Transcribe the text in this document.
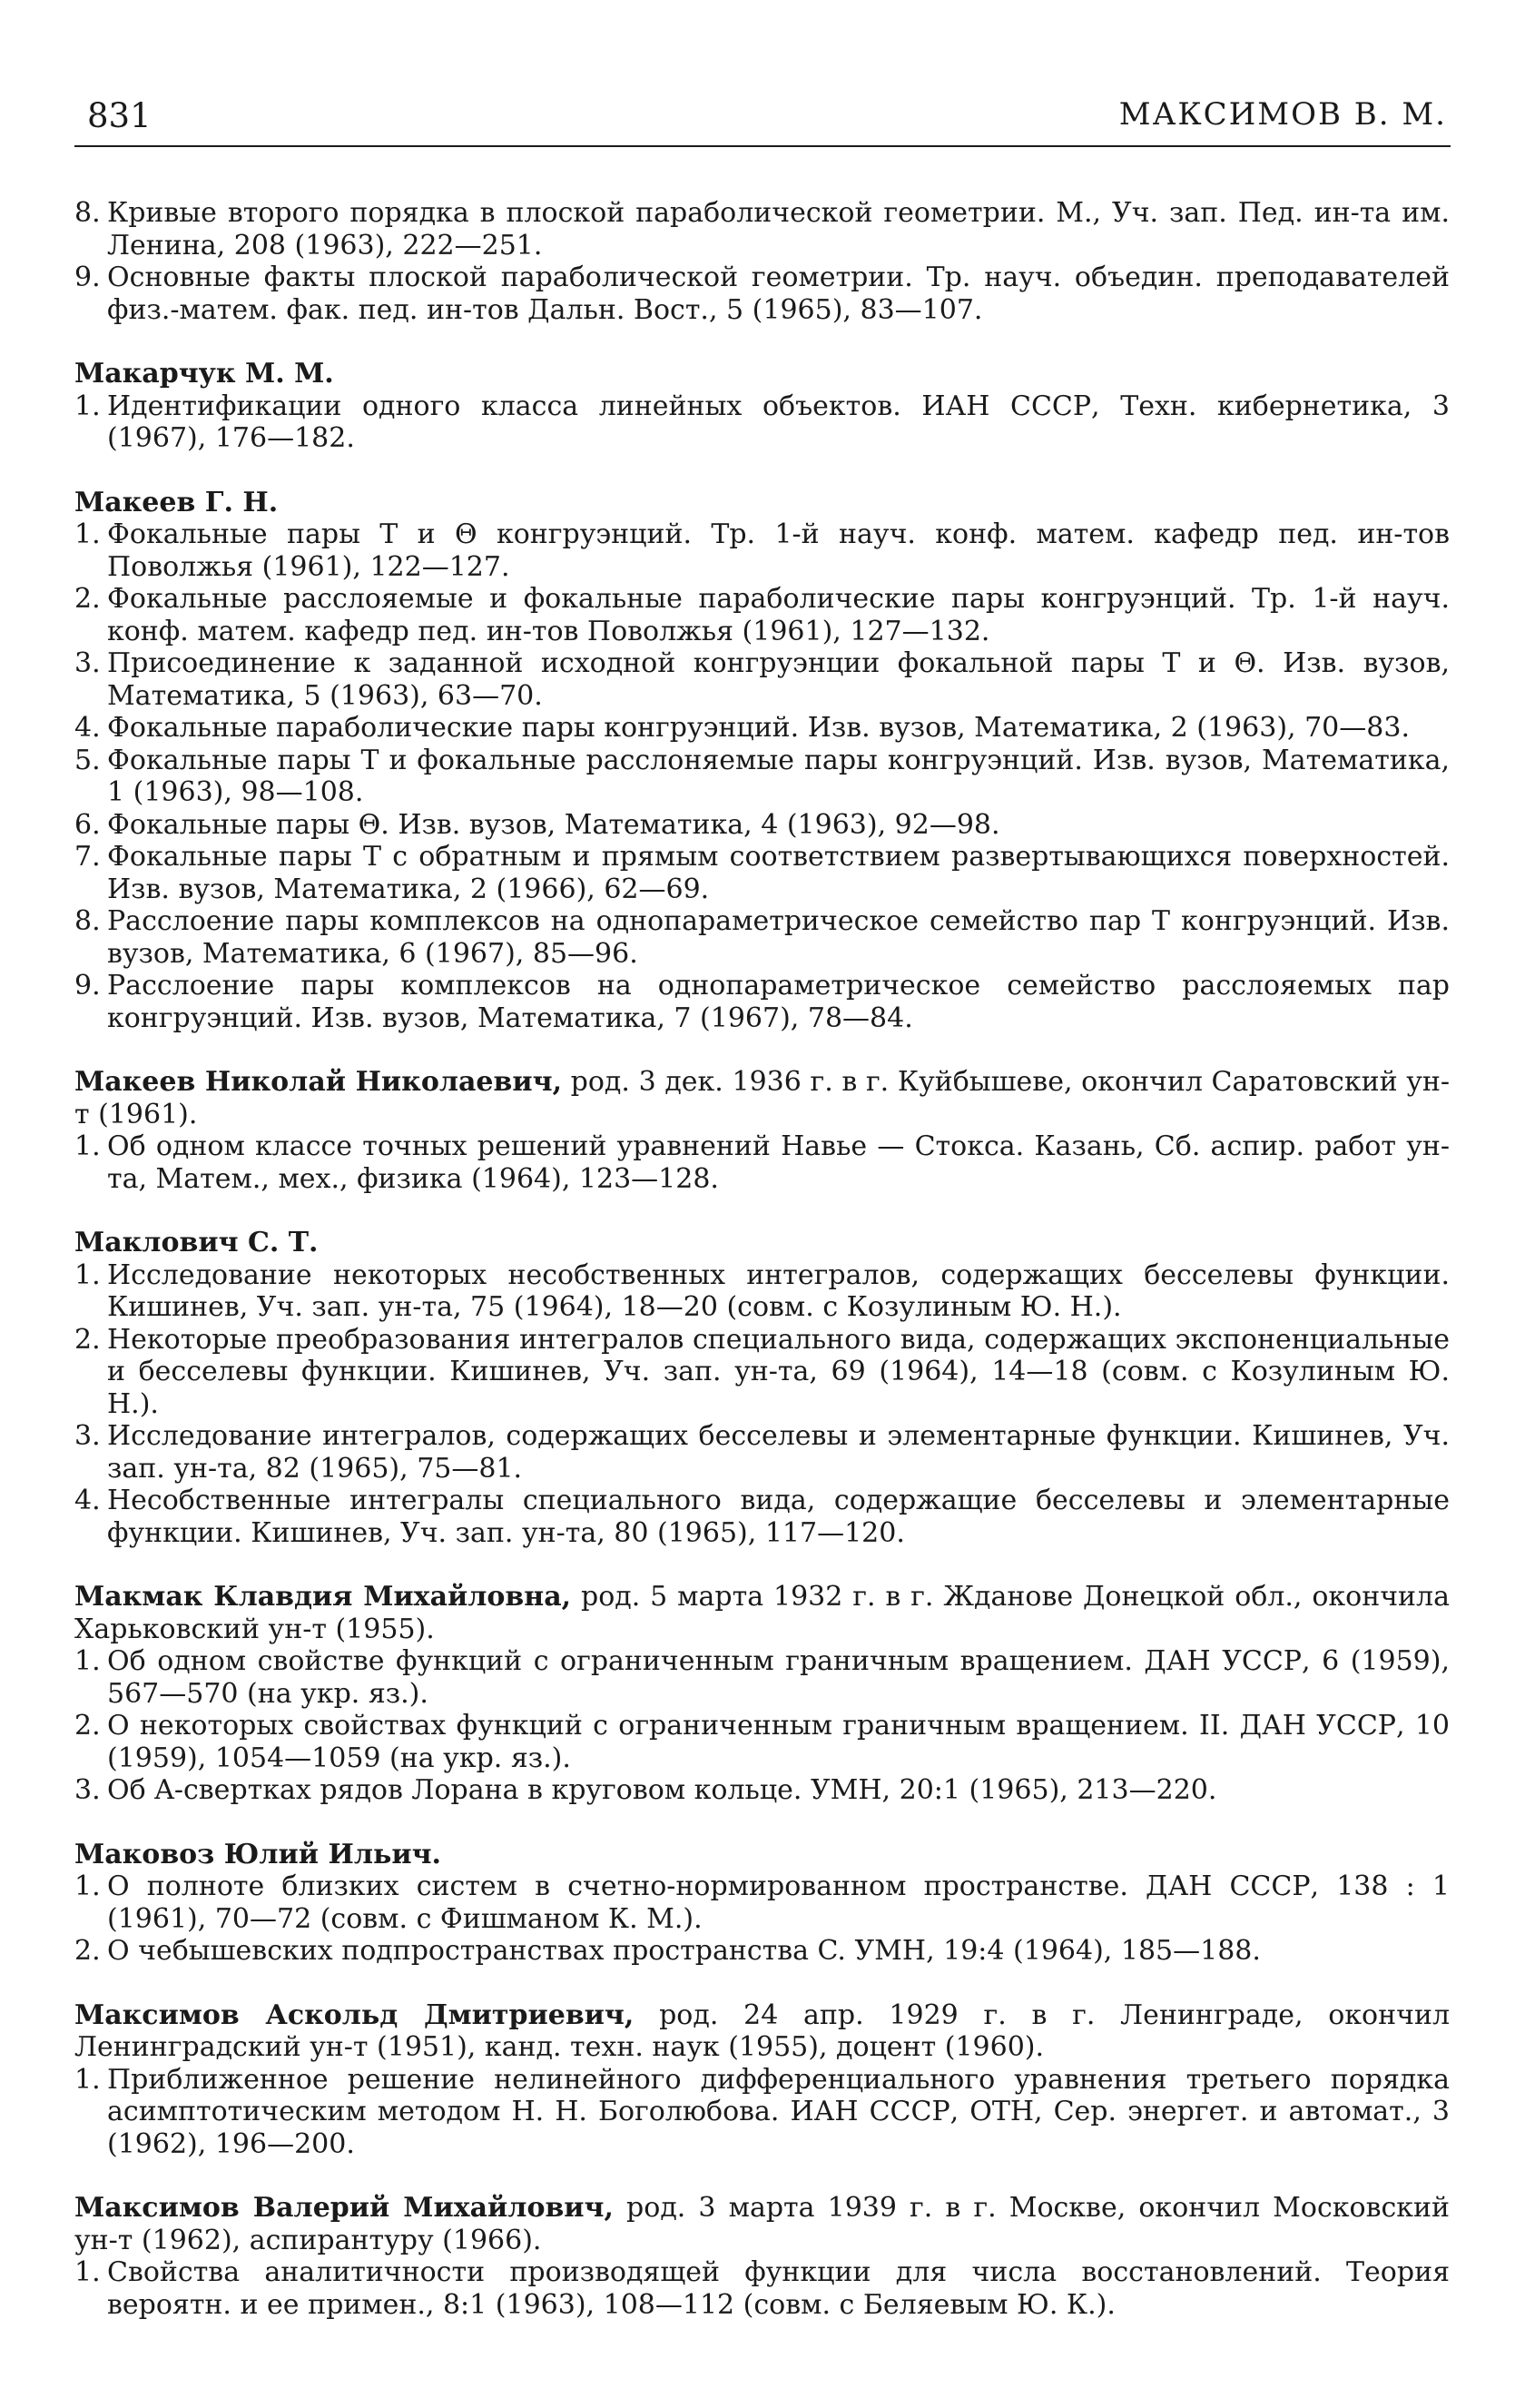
831	МАКСИМОВ В. М.
8. Кривые второго порядка в плоской параболической геометрии. М., Уч. зап. Пед. ин-та им. Ленина, 208 (1963), 222—251.
9. Основные факты плоской параболической геометрии. Тр. науч. объедин. преподавателей физ.-матем. фак. пед. ин-тов Дальн. Вост., 5 (1965), 83—107.
Макарчук М. М.
1. Идентификации одного класса линейных объектов. ИАН СССР, Техн. кибернетика, 3 (1967), 176—182.
Макеев Г. Н.
1. Фокальные пары T и Θ конгруэнций. Тр. 1-й науч. конф. матем. кафедр пед. ин-тов Поволжья (1961), 122—127.
2. Фокальные расслояемые и фокальные параболические пары конгруэнций. Тр. 1-й науч. конф. матем. кафедр пед. ин-тов Поволжья (1961), 127—132.
3. Присоединение к заданной исходной конгруэнции фокальной пары T и Θ. Изв. вузов, Математика, 5 (1963), 63—70.
4. Фокальные параболические пары конгруэнций. Изв. вузов, Математика, 2 (1963), 70—83.
5. Фокальные пары T и фокальные расслоняемые пары конгруэнций. Изв. вузов, Математика, 1 (1963), 98—108.
6. Фокальные пары Θ. Изв. вузов, Математика, 4 (1963), 92—98.
7. Фокальные пары T с обратным и прямым соответствием развертывающихся поверхностей. Изв. вузов, Математика, 2 (1966), 62—69.
8. Расслоение пары комплексов на однопараметрическое семейство пар T конгруэнций. Изв. вузов, Математика, 6 (1967), 85—96.
9. Расслоение пары комплексов на однопараметрическое семейство расслояемых пар конгруэнций. Изв. вузов, Математика, 7 (1967), 78—84.
Макеев Николай Николаевич, род. 3 дек. 1936 г. в г. Куйбышеве, окончил Саратовский ун-т (1961).
1. Об одном классе точных решений уравнений Навье — Стокса. Казань, Сб. аспир. работ ун-та, Матем., мех., физика (1964), 123—128.
Маклович С. Т.
1. Исследование некоторых несобственных интегралов, содержащих бесселевы функции. Кишинев, Уч. зап. ун-та, 75 (1964), 18—20 (совм. с Козулиным Ю. Н.).
2. Некоторые преобразования интегралов специального вида, содержащих экспоненциальные и бесселевы функции. Кишинев, Уч. зап. ун-та, 69 (1964), 14—18 (совм. с Козулиным Ю. Н.).
3. Исследование интегралов, содержащих бесселевы и элементарные функции. Кишинев, Уч. зап. ун-та, 82 (1965), 75—81.
4. Несобственные интегралы специального вида, содержащие бесселевы и элементарные функции. Кишинев, Уч. зап. ун-та, 80 (1965), 117—120.
Макмак Клавдия Михайловна, род. 5 марта 1932 г. в г. Жданове Донецкой обл., окончила Харьковский ун-т (1955).
1. Об одном свойстве функций с ограниченным граничным вращением. ДАН УССР, 6 (1959), 567—570 (на укр. яз.).
2. О некоторых свойствах функций с ограниченным граничным вращением. II. ДАН УССР, 10 (1959), 1054—1059 (на укр. яз.).
3. Об A-свертках рядов Лорана в круговом кольце. УМН, 20:1 (1965), 213—220.
Маковоз Юлий Ильич.
1. О полноте близких систем в счетно-нормированном пространстве. ДАН СССР, 138 : 1 (1961), 70—72 (совм. с Фишманом К. М.).
2. О чебышевских подпространствах пространства C. УМН, 19:4 (1964), 185—188.
Максимов Аскольд Дмитриевич, род. 24 апр. 1929 г. в г. Ленинграде, окончил Ленинградский ун-т (1951), канд. техн. наук (1955), доцент (1960).
1. Приближенное решение нелинейного дифференциального уравнения третьего порядка асимптотическим методом Н. Н. Боголюбова. ИАН СССР, ОТН, Сер. энергет. и автомат., 3 (1962), 196—200.
Максимов Валерий Михайлович, род. 3 марта 1939 г. в г. Москве, окончил Московский ун-т (1962), аспирантуру (1966).
1. Свойства аналитичности производящей функции для числа восстановлений. Теория вероятн. и ее примен., 8:1 (1963), 108—112 (совм. с Беляевым Ю. К.).
